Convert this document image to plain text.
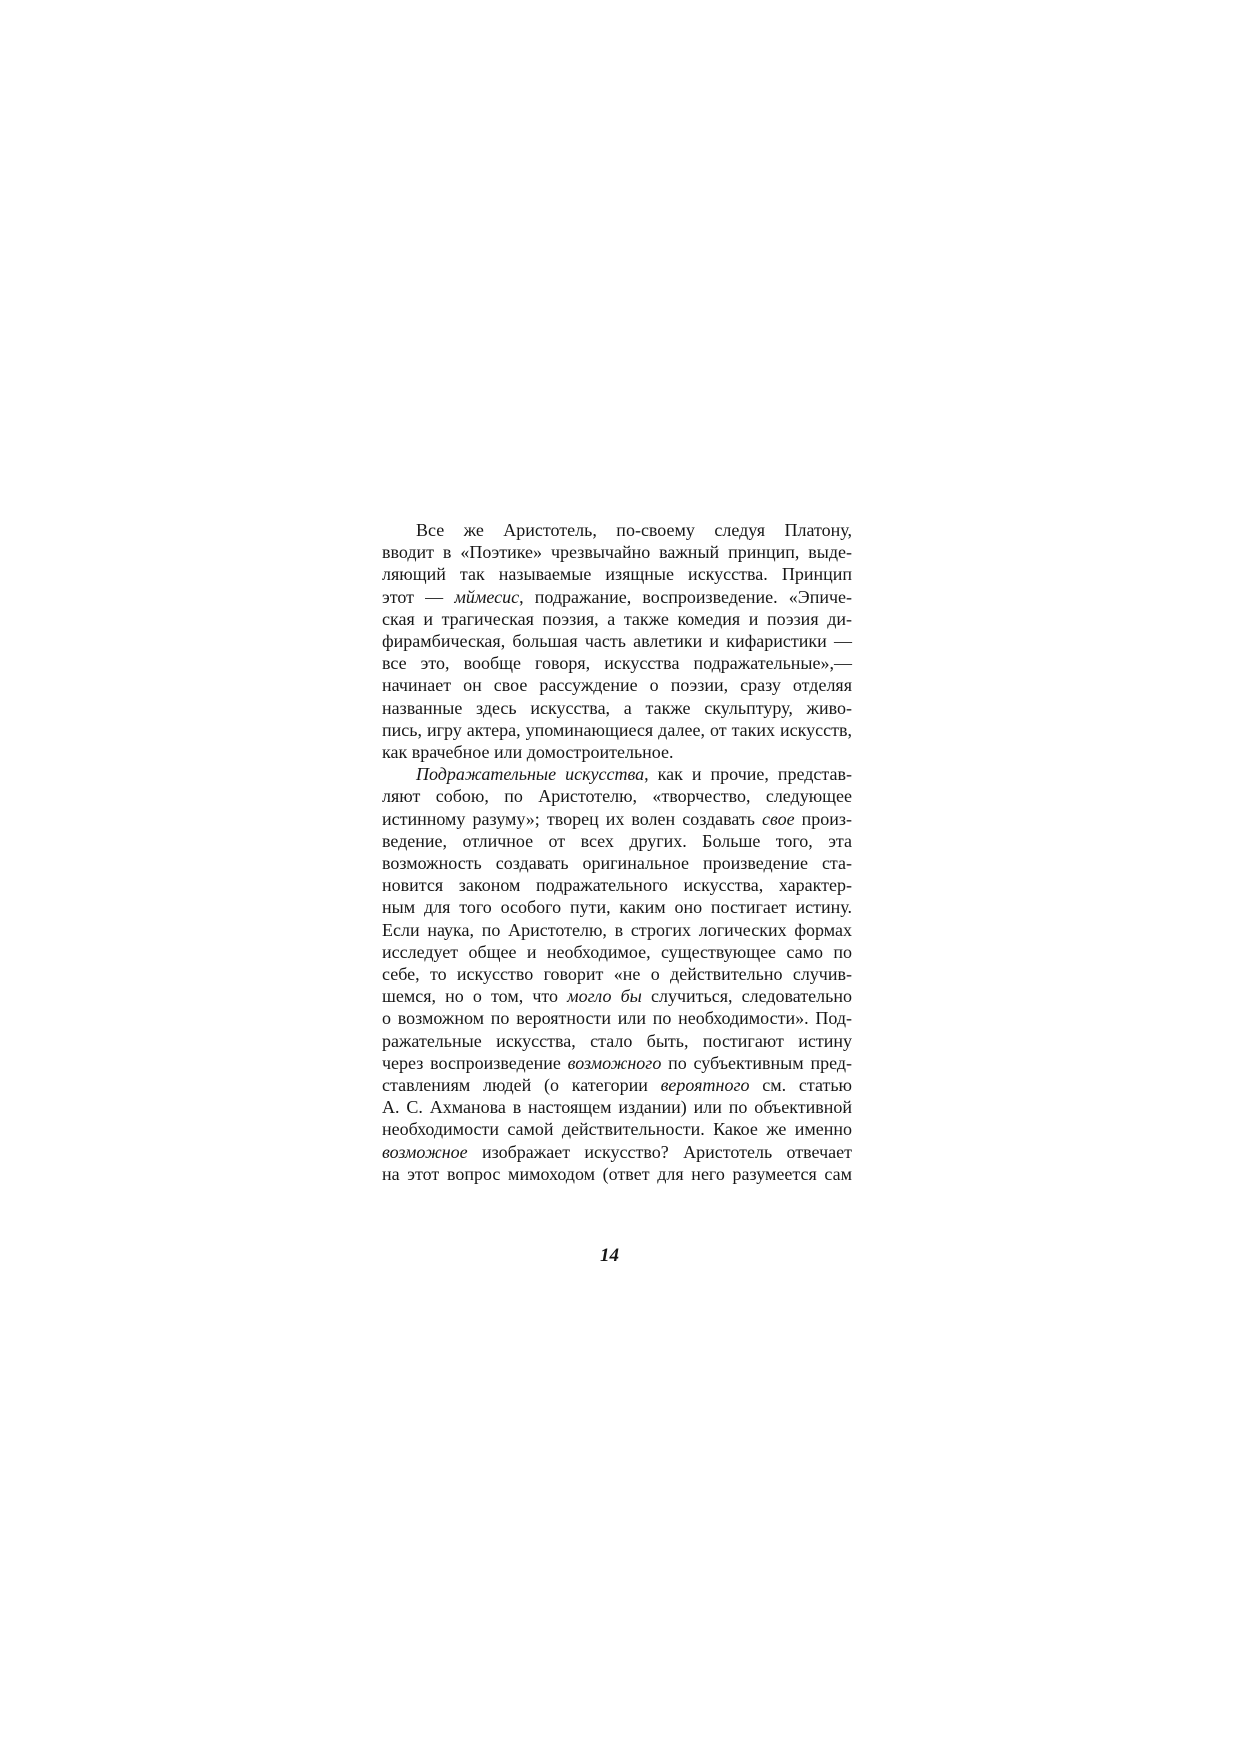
Все же Аристотель, по-своему следуя Платону,
вводит в «Поэтике» чрезвычайно важный принцип, выде-
ляющий так называемые изящные искусства. Принцип
этот — мймесис, подражание, воспроизведение. «Эпиче-
ская и трагическая поэзия, а также комедия и поэзия ди-
фирамбическая, большая часть авлетики и кифаристики —
все это, вообще говоря, искусства подражательные»,—
начинает он свое рассуждение о поэзии, сразу отделяя
названные здесь искусства, а также скульптуру, живо-
пись, игру актера, упоминающиеся далее, от таких искусств,
как врачебное или домостроительное.
Подражательные искусства, как и прочие, представ-
ляют собою, по Аристотелю, «творчество, следующее
истинному разуму»; творец их волен создавать свое произ-
ведение, отличное от всех других. Больше того, эта
возможность создавать оригинальное произведение ста-
новится законом подражательного искусства, характер-
ным для того особого пути, каким оно постигает истину.
Если наука, по Аристотелю, в строгих логических формах
исследует общее и необходимое, существующее само по
себе, то искусство говорит «не о действительно случив-
шемся, но о том, что могло бы случиться, следовательно
о возможном по вероятности или по необходимости». Под-
ражательные искусства, стало быть, постигают истину
через воспроизведение возможного по субъективным пред-
ставлениям людей (о категории вероятного см. статью
А. С. Ахманова в настоящем издании) или по объективной
необходимости самой действительности. Какое же именно
возможное изображает искусство? Аристотель отвечает
на этот вопрос мимоходом (ответ для него разумеется сам
14
